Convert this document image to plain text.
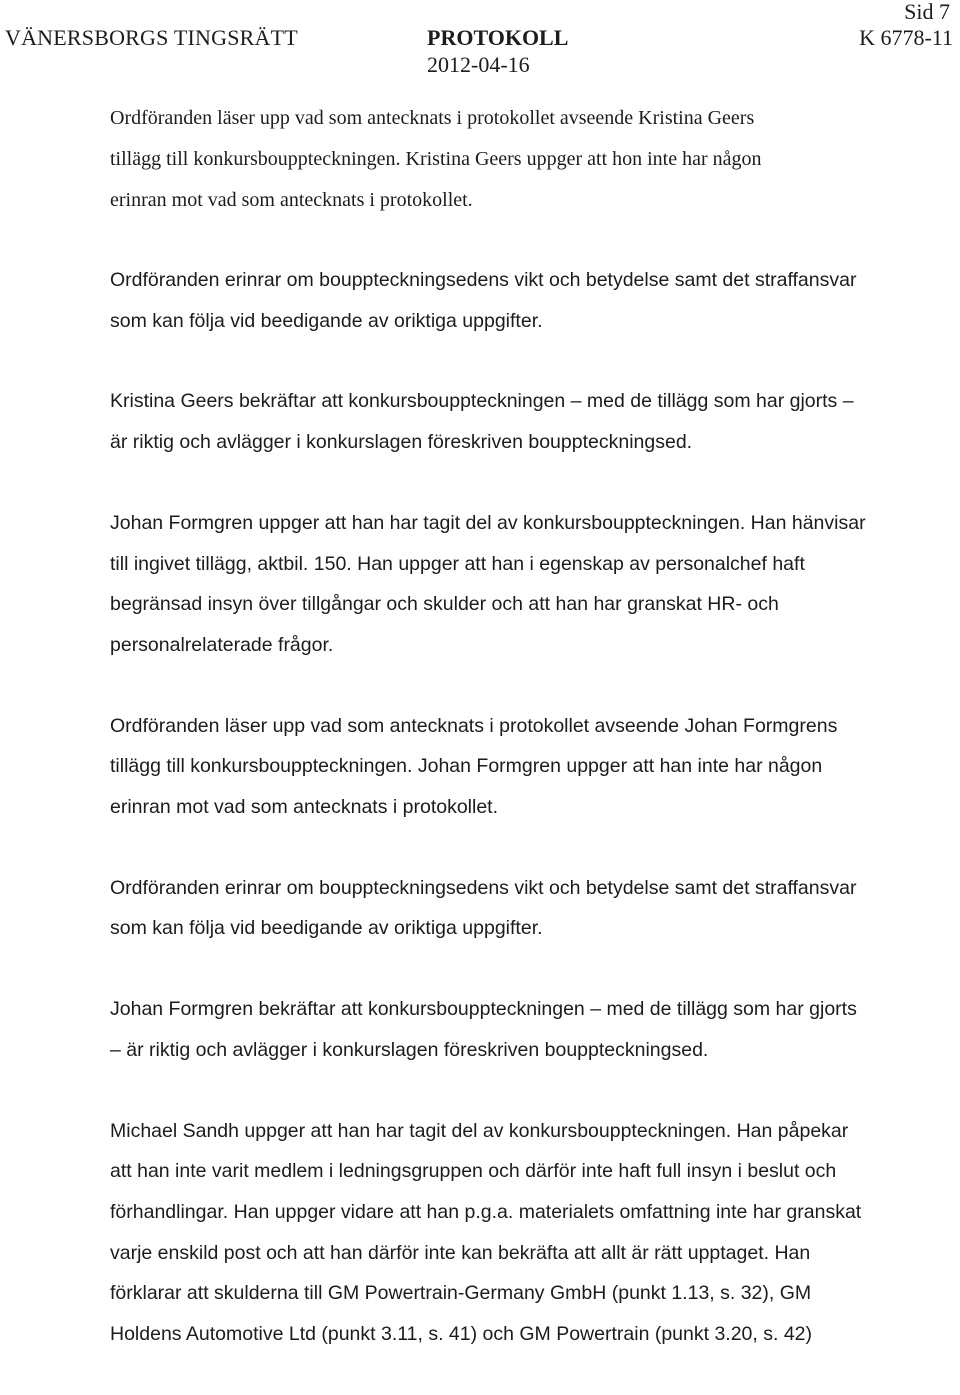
Sid 7
VÄNERSBORGS TINGSRÄTT	PROTOKOLL	K 6778-11
2012-04-16

Ordföranden läser upp vad som antecknats i protokollet avseende Kristina Geers
tillägg till konkursbouppteckningen. Kristina Geers uppger att hon inte har någon
erinran mot vad som antecknats i protokollet.

Ordföranden erinrar om bouppteckningsedens vikt och betydelse samt det straffansvar
som kan följa vid beedigande av oriktiga uppgifter.

Kristina Geers bekräftar att konkursbouppteckningen – med de tillägg som har gjorts –
är riktig och avlägger i konkurslagen föreskriven bouppteckningsed.

Johan Formgren uppger att han har tagit del av konkursbouppteckningen. Han hänvisar
till ingivet tillägg, aktbil. 150. Han uppger att han i egenskap av personalchef haft
begränsad insyn över tillgångar och skulder och att han har granskat HR- och
personalrelaterade frågor.

Ordföranden läser upp vad som antecknats i protokollet avseende Johan Formgrens
tillägg till konkursbouppteckningen. Johan Formgren uppger att han inte har någon
erinran mot vad som antecknats i protokollet.

Ordföranden erinrar om bouppteckningsedens vikt och betydelse samt det straffansvar
som kan följa vid beedigande av oriktiga uppgifter.

Johan Formgren bekräftar att konkursbouppteckningen – med de tillägg som har gjorts
– är riktig och avlägger i konkurslagen föreskriven bouppteckningsed.

Michael Sandh uppger att han har tagit del av konkursbouppteckningen. Han påpekar
att han inte varit medlem i ledningsgruppen och därför inte haft full insyn i beslut och
förhandlingar. Han uppger vidare att han p.g.a. materialets omfattning inte har granskat
varje enskild post och att han därför inte kan bekräfta att allt är rätt upptaget. Han
förklarar att skulderna till GM Powertrain-Germany GmbH (punkt 1.13, s. 32), GM
Holdens Automotive Ltd (punkt 3.11, s. 41) och GM Powertrain (punkt 3.20, s. 42)
